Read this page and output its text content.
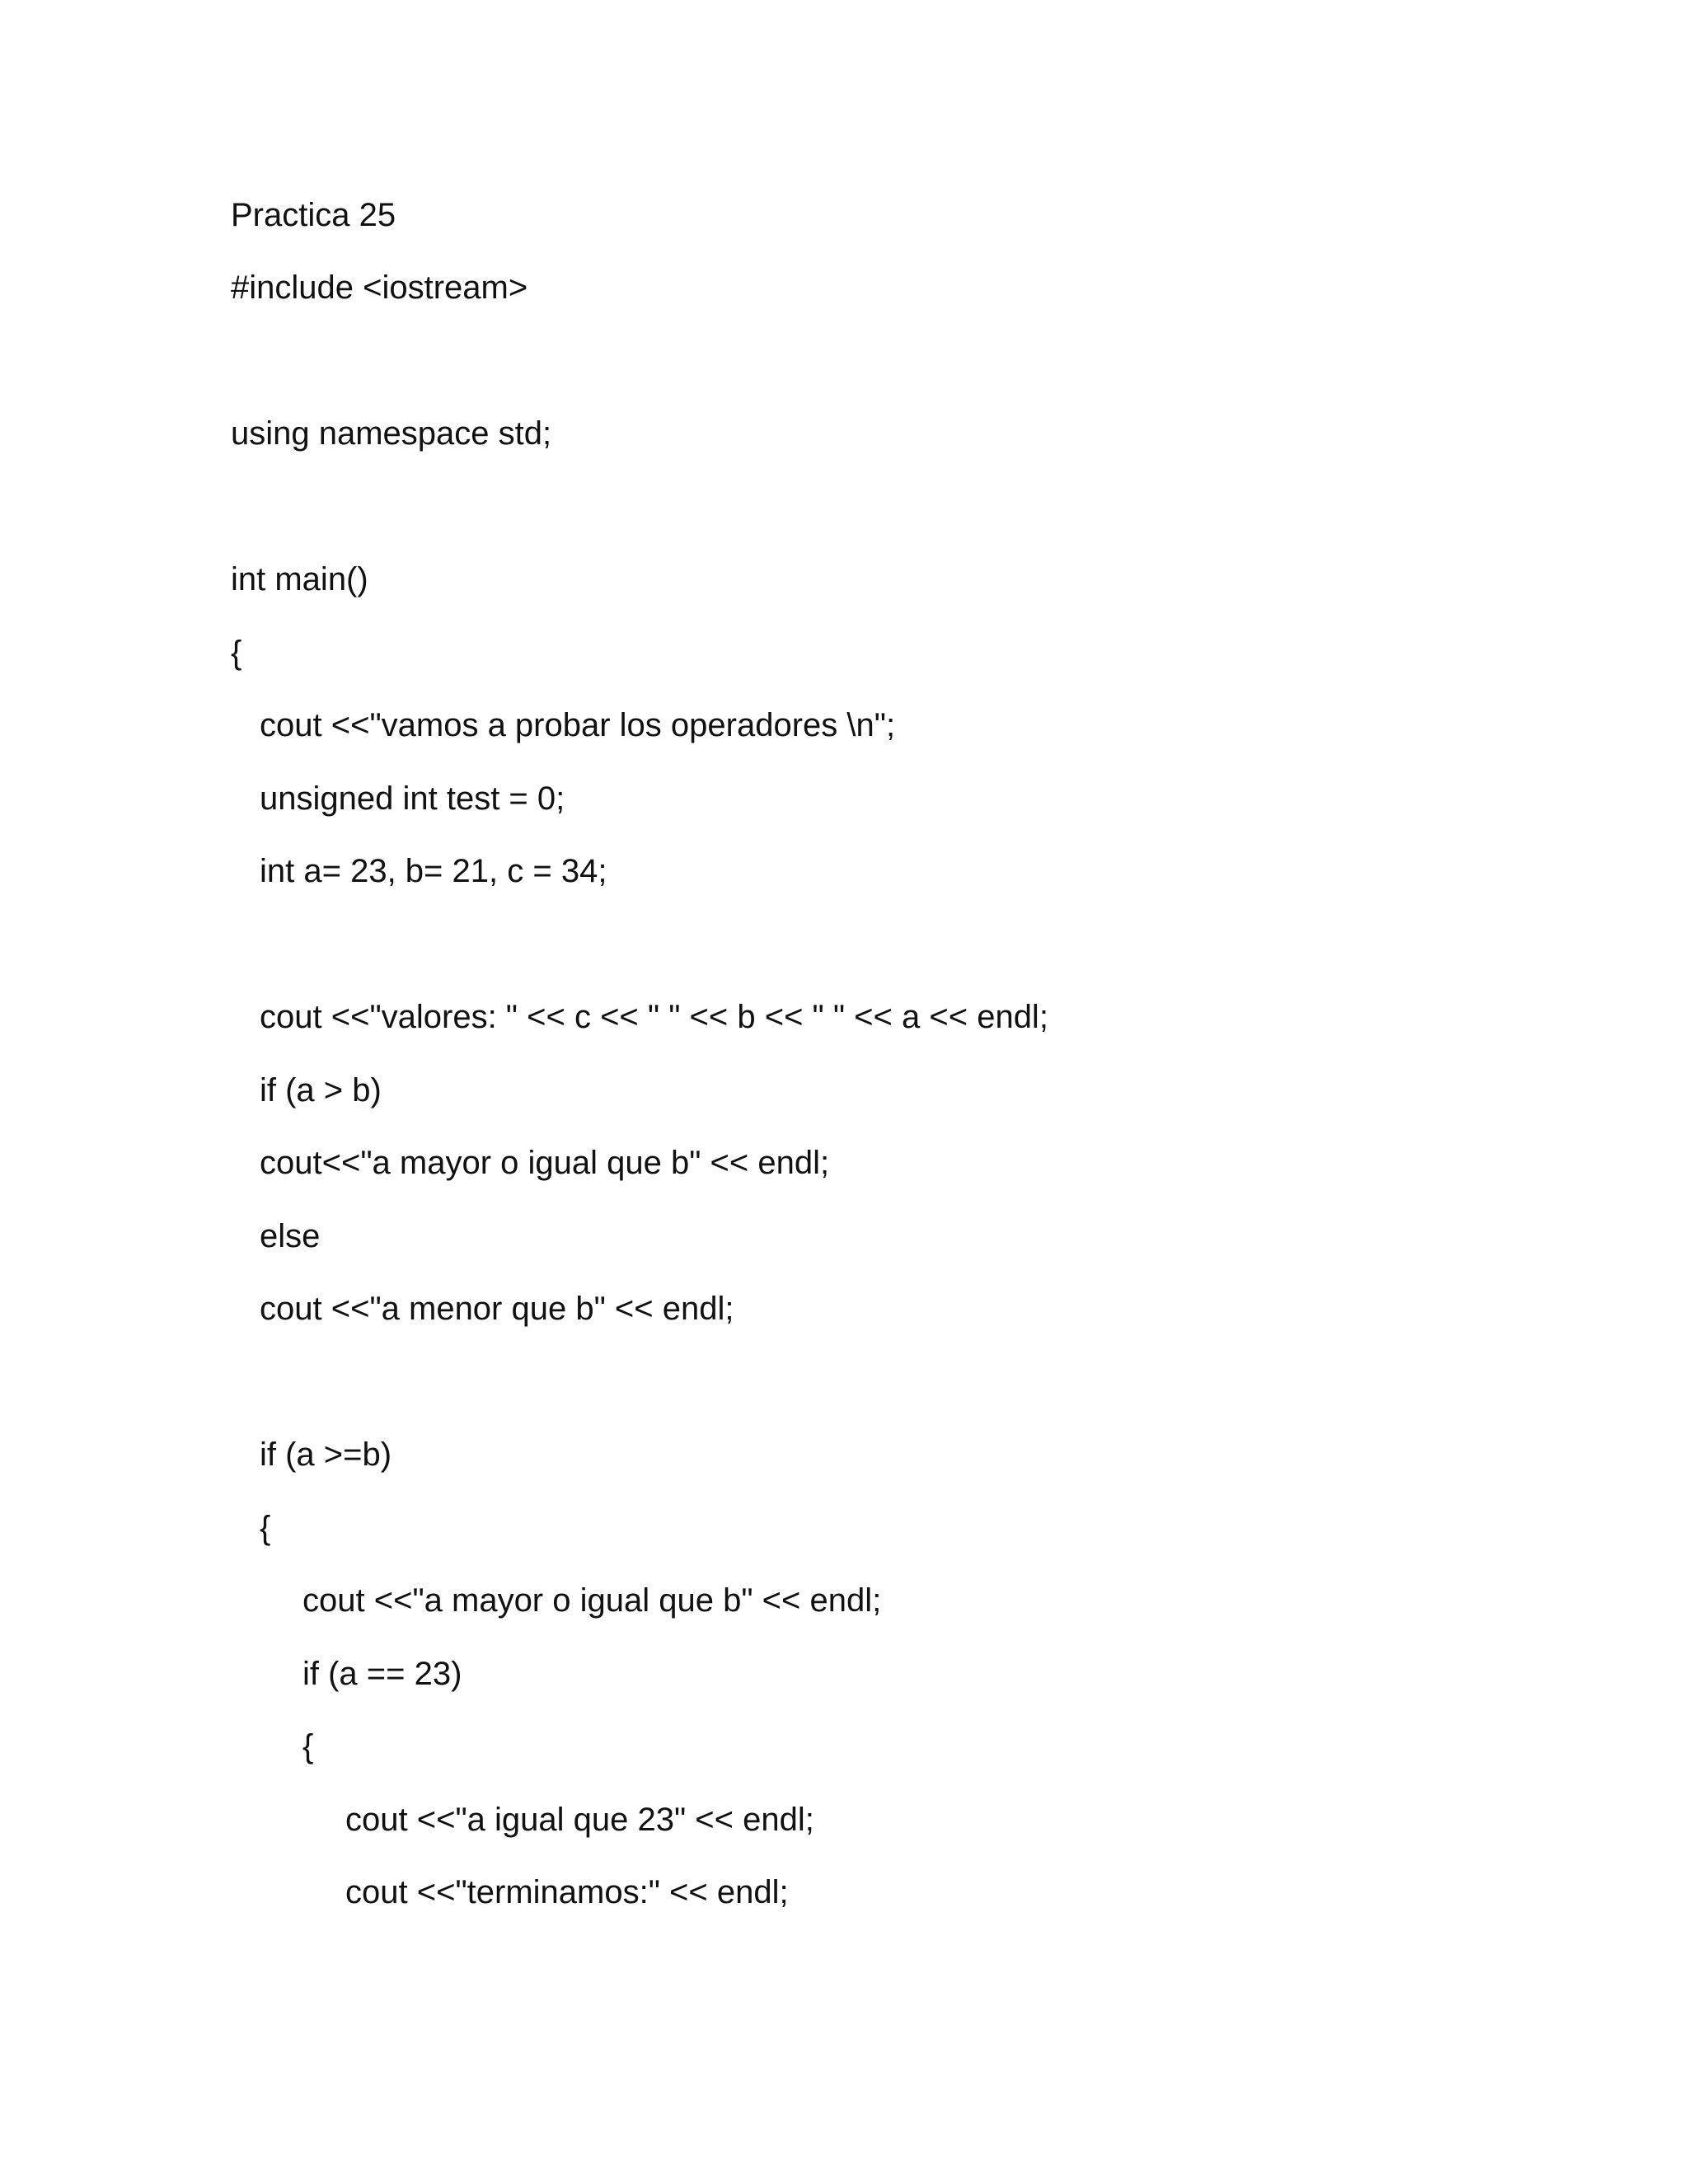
Practica 25
#include <iostream>
using namespace std;
int main()
{
cout <<"vamos a probar los operadores \n";
unsigned int test = 0;
int a= 23, b= 21, c = 34;
cout <<"valores: " << c << " " << b << " " << a << endl;
if (a > b)
cout<<"a mayor o igual que b" << endl;
else
cout <<"a menor que b" << endl;
if (a >=b)
{
cout <<"a mayor o igual que b" << endl;
if (a == 23)
{
cout <<"a igual que 23" << endl;
cout <<"terminamos:" << endl;
